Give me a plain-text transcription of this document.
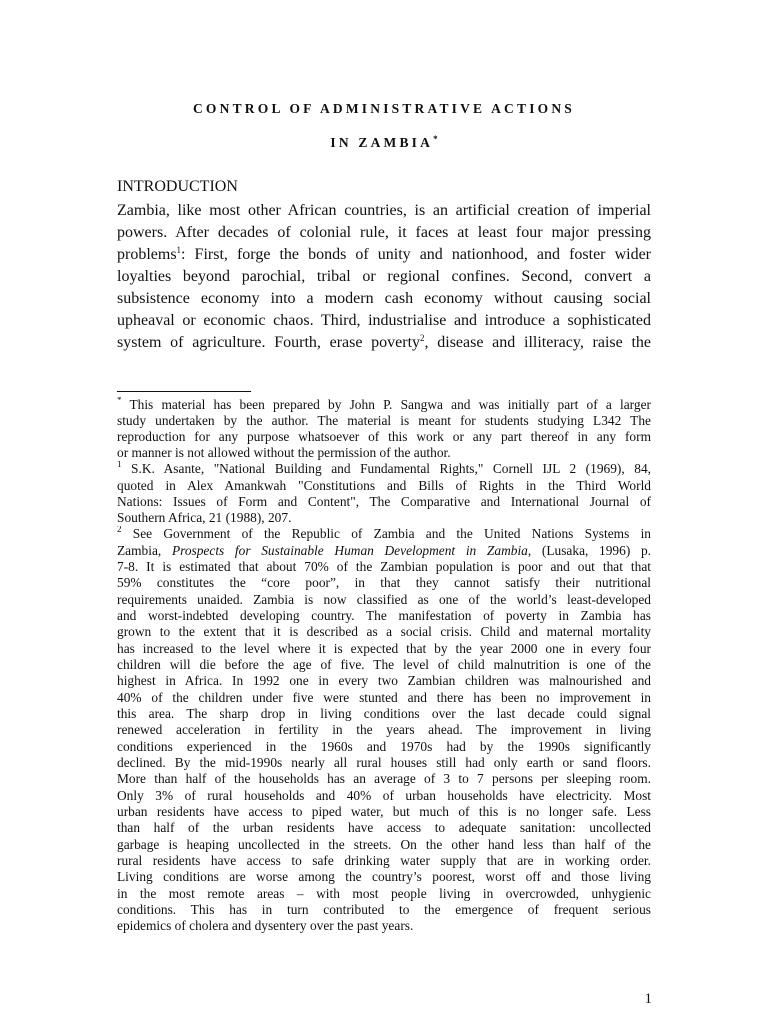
CONTROL OF ADMINISTRATIVE ACTIONS
IN ZAMBIA*
INTRODUCTION
Zambia, like most other African countries, is an artificial creation of imperial
powers. After decades of colonial rule, it faces at least four major pressing
problems$^1$: First, forge the bonds of unity and nationhood, and foster wider
loyalties beyond parochial, tribal or regional confines. Second, convert a
subsistence economy into a modern cash economy without causing social
upheaval or economic chaos. Third, industrialise and introduce a sophisticated
system of agriculture. Fourth, erase poverty$^2$, disease and illiteracy, raise the
* This material has been prepared by John P. Sangwa and was initially part of a larger
study undertaken by the author. The material is meant for students studying L342 The
reproduction for any purpose whatsoever of this work or any part thereof in any form
or manner is not allowed without the permission of the author.
$^1$ S.K. Asante, "National Building and Fundamental Rights," Cornell IJL 2 (1969), 84,
quoted in Alex Amankwah "Constitutions and Bills of Rights in the Third World
Nations: Issues of Form and Content", The Comparative and International Journal of
Southern Africa, 21 (1988), 207.
$^2$ See Government of the Republic of Zambia and the United Nations Systems in
Zambia, Prospects for Sustainable Human Development in Zambia, (Lusaka, 1996) p.
7-8. It is estimated that about 70% of the Zambian population is poor and out that that
59% constitutes the “core poor”, in that they cannot satisfy their nutritional
requirements unaided. Zambia is now classified as one of the world’s least-developed
and worst-indebted developing country. The manifestation of poverty in Zambia has
grown to the extent that it is described as a social crisis. Child and maternal mortality
has increased to the level where it is expected that by the year 2000 one in every four
children will die before the age of five. The level of child malnutrition is one of the
highest in Africa. In 1992 one in every two Zambian children was malnourished and
40% of the children under five were stunted and there has been no improvement in
this area. The sharp drop in living conditions over the last decade could signal
renewed acceleration in fertility in the years ahead. The improvement in living
conditions experienced in the 1960s and 1970s had by the 1990s significantly
declined. By the mid-1990s nearly all rural houses still had only earth or sand floors.
More than half of the households has an average of 3 to 7 persons per sleeping room.
Only 3% of rural households and 40% of urban households have electricity. Most
urban residents have access to piped water, but much of this is no longer safe. Less
than half of the urban residents have access to adequate sanitation: uncollected
garbage is heaping uncollected in the streets. On the other hand less than half of the
rural residents have access to safe drinking water supply that are in working order.
Living conditions are worse among the country’s poorest, worst off and those living
in the most remote areas – with most people living in overcrowded, unhygienic
conditions. This has in turn contributed to the emergence of frequent serious
epidemics of cholera and dysentery over the past years.
1
